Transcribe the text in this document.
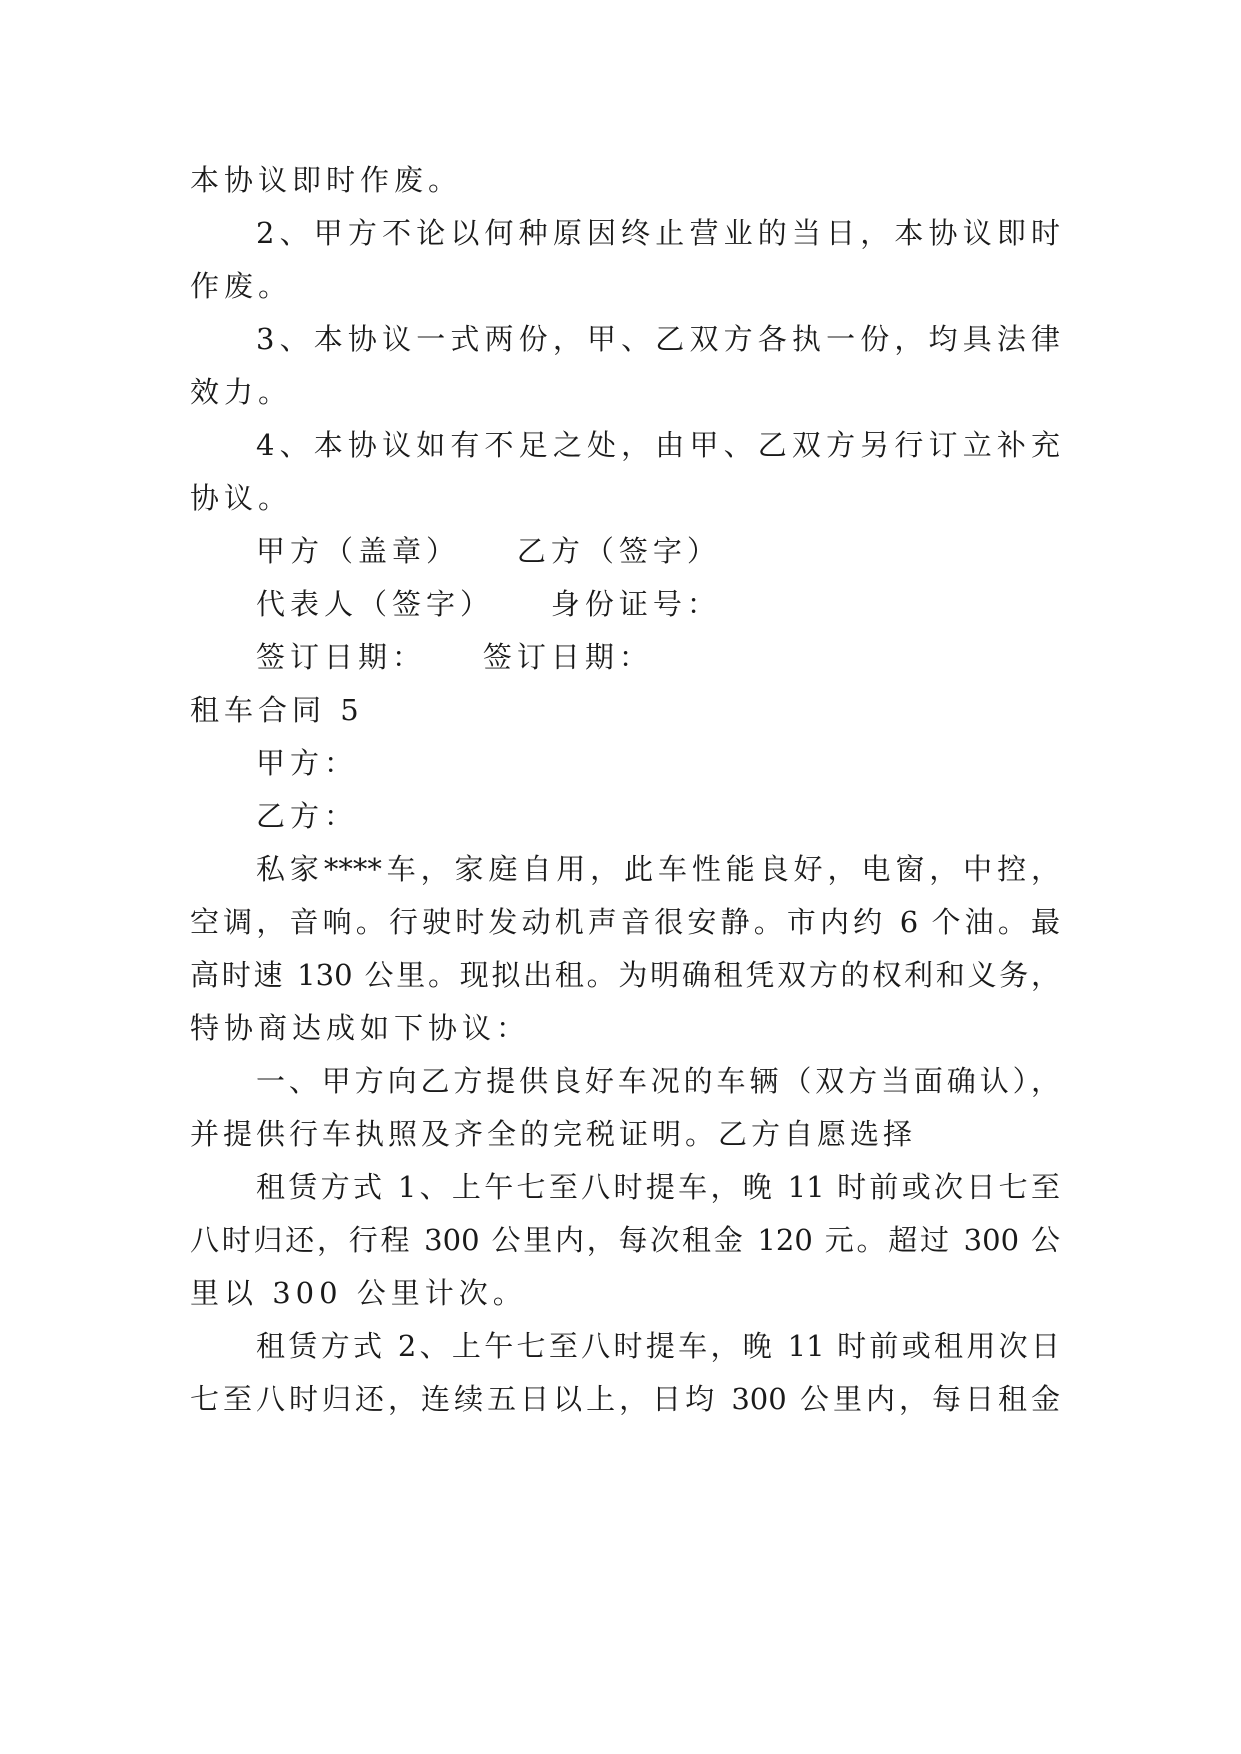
本协议即时作废。
2、甲方不论以何种原因终止营业的当日，本协议即时
作废。
3、本协议一式两份，甲、乙双方各执一份，均具法律
效力。
4、本协议如有不足之处，由甲、乙双方另行订立补充
协议。
甲方（盖章）    乙方（签字）
代表人（签字）    身份证号：
签订日期：    签订日期：
租车合同 5
甲方：
乙方：
私家****车，家庭自用，此车性能良好，电窗，中控，
空调，音响。行驶时发动机声音很安静。市内约 6 个油。最
高时速 130 公里。现拟出租。为明确租凭双方的权利和义务，
特协商达成如下协议：
一、甲方向乙方提供良好车况的车辆（双方当面确认），
并提供行车执照及齐全的完税证明。乙方自愿选择
租赁方式 1、上午七至八时提车，晚 11 时前或次日七至
八时归还，行程 300 公里内，每次租金 120 元。超过 300 公
里以 300 公里计次。
租赁方式 2、上午七至八时提车，晚 11 时前或租用次日
七至八时归还，连续五日以上，日均 300 公里内，每日租金
